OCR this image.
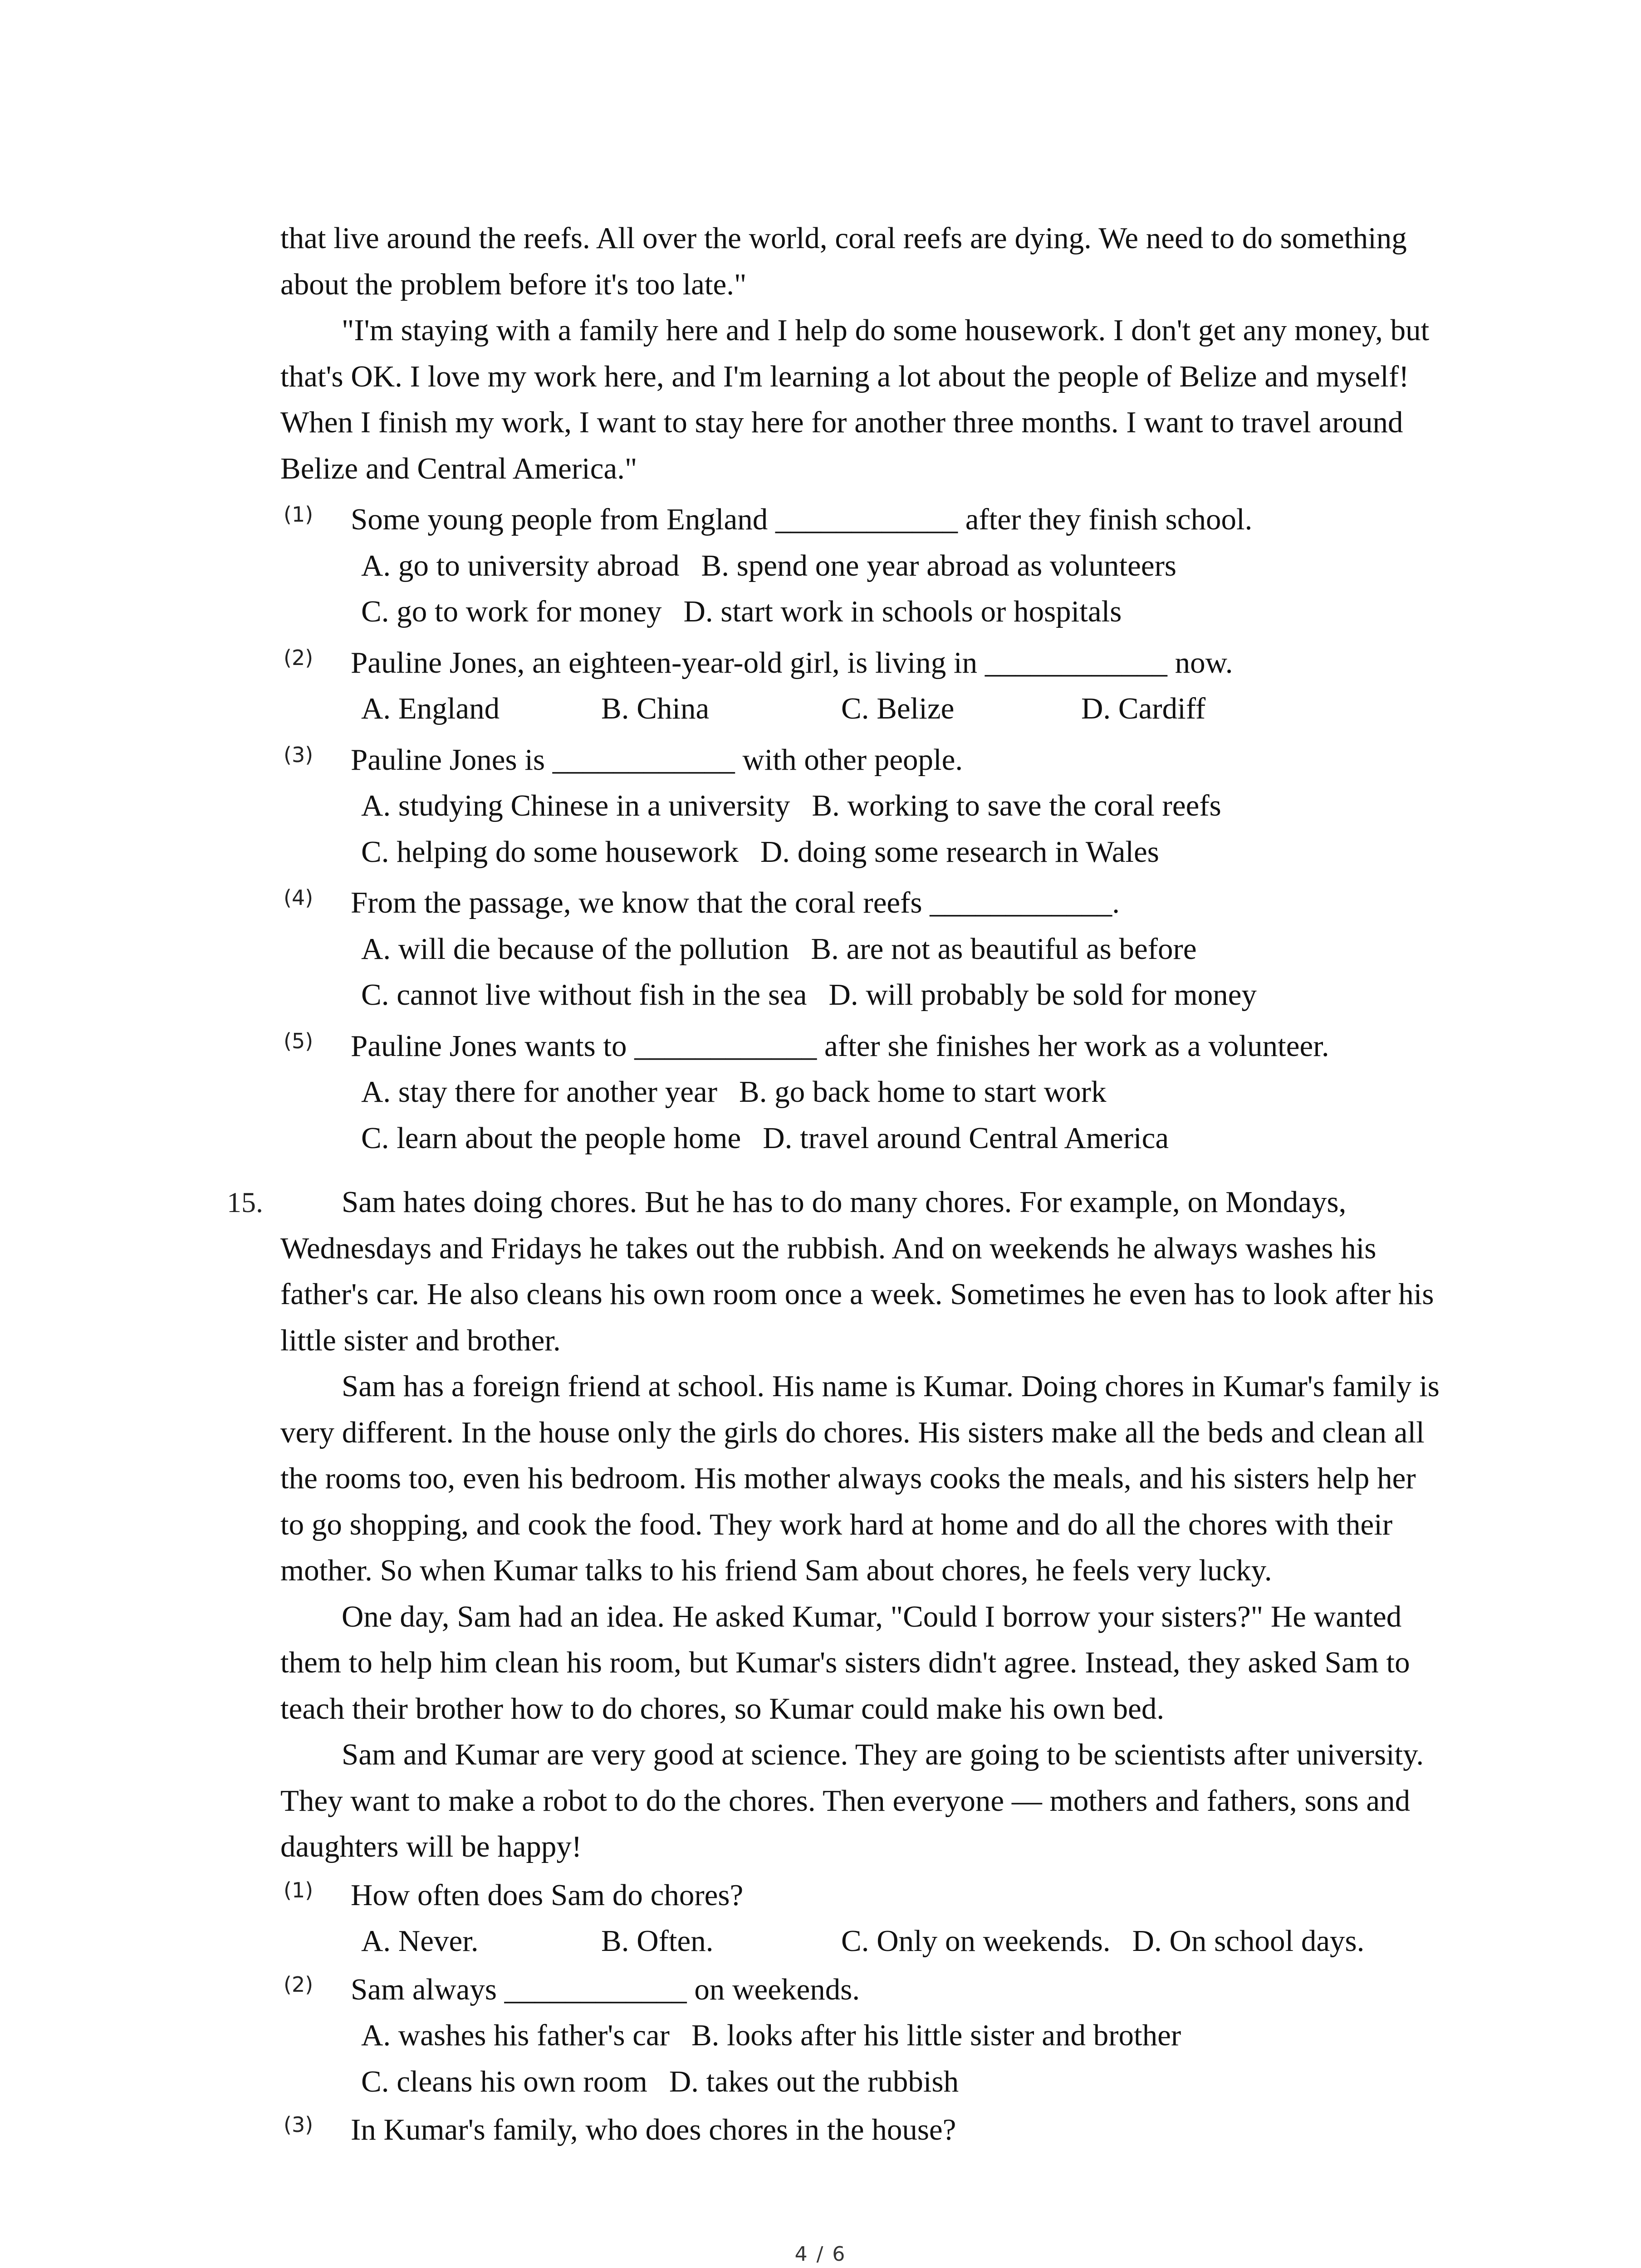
that live around the reefs. All over the world, coral reefs are dying. We need to do something
about the problem before it's too late."
"I'm staying with a family here and I help do some housework. I don't get any money, but
that's OK. I love my work here, and I'm learning a lot about the people of Belize and myself!
When I finish my work, I want to stay here for another three months. I want to travel around
Belize and Central America."
(1) Some young people from England ____________ after they finish school.
A. go to university abroad B. spend one year abroad as volunteers
C. go to work for money D. start work in schools or hospitals
(2) Pauline Jones, an eighteen-year-old girl, is living in ____________ now.
A. England	B. China	C. Belize	D. Cardiff
(3) Pauline Jones is ____________ with other people.
A. studying Chinese in a university B. working to save the coral reefs
C. helping do some housework D. doing some research in Wales
(4) From the passage, we know that the coral reefs ____________.
A. will die because of the pollution B. are not as beautiful as before
C. cannot live without fish in the sea D. will probably be sold for money
(5) Pauline Jones wants to ____________ after she finishes her work as a volunteer.
A. stay there for another year B. go back home to start work
C. learn about the people home D. travel around Central America
15.	Sam hates doing chores. But he has to do many chores. For example, on Mondays,
Wednesdays and Fridays he takes out the rubbish. And on weekends he always washes his
father's car. He also cleans his own room once a week. Sometimes he even has to look after his
little sister and brother.
Sam has a foreign friend at school. His name is Kumar. Doing chores in Kumar's family is
very different. In the house only the girls do chores. His sisters make all the beds and clean all
the rooms too, even his bedroom. His mother always cooks the meals, and his sisters help her
to go shopping, and cook the food. They work hard at home and do all the chores with their
mother. So when Kumar talks to his friend Sam about chores, he feels very lucky.
One day, Sam had an idea. He asked Kumar, "Could I borrow your sisters?" He wanted
them to help him clean his room, but Kumar's sisters didn't agree. Instead, they asked Sam to
teach their brother how to do chores, so Kumar could make his own bed.
Sam and Kumar are very good at science. They are going to be scientists after university.
They want to make a robot to do the chores. Then everyone — mothers and fathers, sons and
daughters will be happy!
(1) How often does Sam do chores?
A. Never.	B. Often.	C. Only on weekends. D. On school days.
(2) Sam always ____________ on weekends.
A. washes his father's car B. looks after his little sister and brother
C. cleans his own room D. takes out the rubbish
(3) In Kumar's family, who does chores in the house?
4 / 6
